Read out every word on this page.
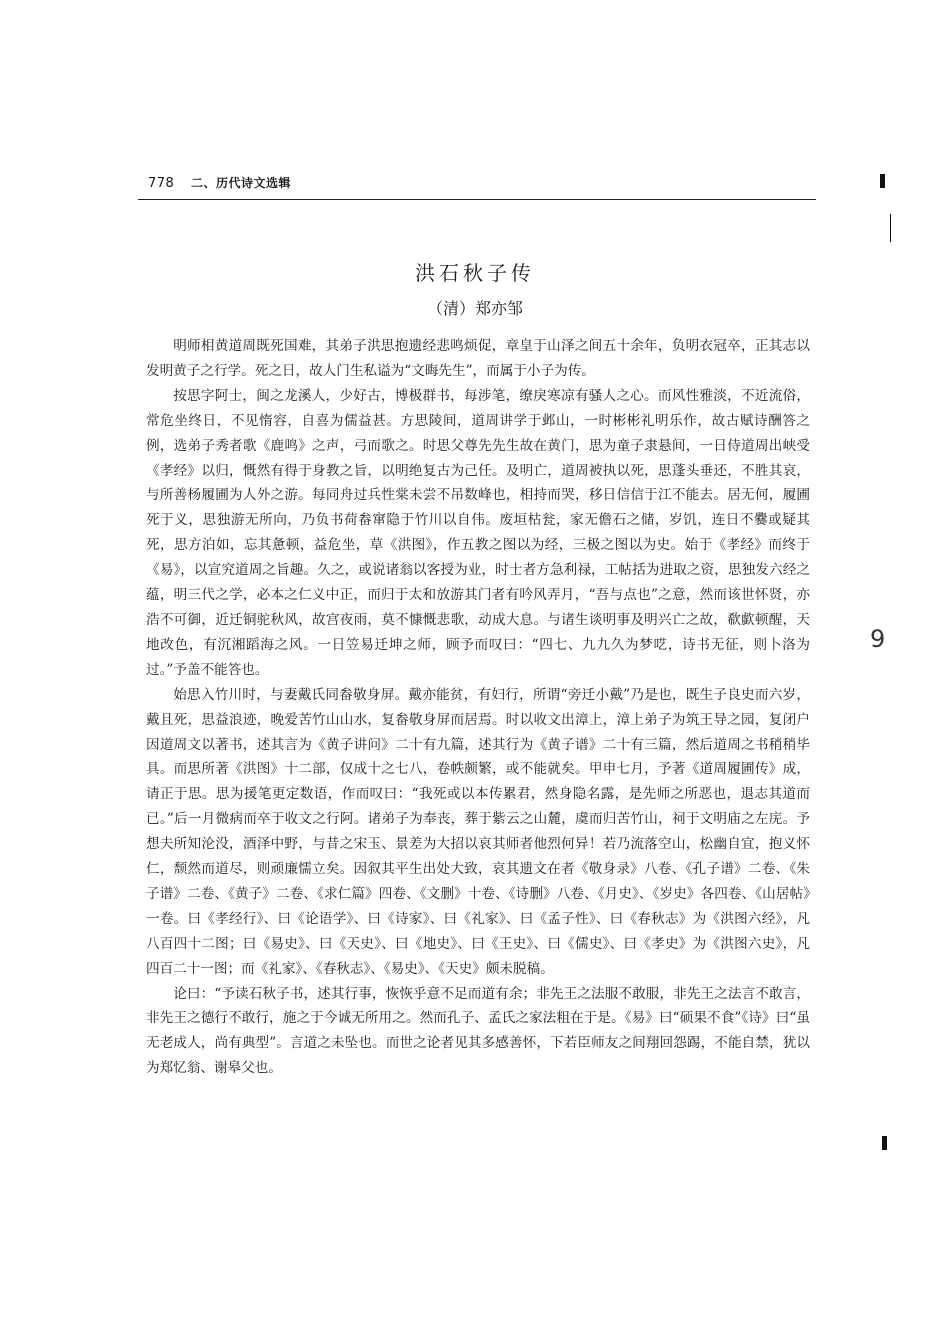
778 二、历代诗文选辑
洪石秋子传
（清）郑亦邹

明师相黄道周既死国难，其弟子洪思抱遗经悲鸣烦促，章皇于山泽之间五十余年，负明衣冠卒，正其志以发明黄子之行学。死之日，故人门生私谥为“文晦先生”，而属于小子为传。

按思字阿士，闽之龙溪人，少好古，博极群书，每涉笔，缭戾寒凉有骚人之心。而风性雅淡，不近流俗，常危坐终日，不见惰容，自喜为儒益甚。方思陵间，道周讲学于邺山，一时彬彬礼明乐作，故古赋诗酬答之例，选弟子秀者歌《鹿鸣》之声，弓而歌之。时思父尊先先生故在黄门，思为童子隶悬间，一日侍道周出峡受《孝经》以归，慨然有得于身教之旨，以明绝复古为己任。及明亡，道周被执以死，思蓬头垂还，不胜其哀，与所善杨履圃为人外之游。每同舟过兵性棠未尝不吊数峰也，相持而哭，移日信信于江不能去。居无何，履圃死于义，思独游无所向，乃负书荷畚窜隐于竹川以自伟。废垣枯瓮，家无儋石之储，岁饥，连日不爨或疑其死，思方泊如，忘其惫顿，益危坐，草《洪图》，作五教之图以为经，三极之图以为史。始于《孝经》而终于《易》，以宣究道周之旨趣。久之，或说诸翁以客授为业，时士者方急利禄，工帖括为进取之资，思独发六经之蕴，明三代之学，必本之仁义中正，而归于太和放游其门者有吟风弄月，“吾与点也”之意，然而该世怀贤，亦浩不可御，近迁铜驼秋风，故宫夜雨，莫不慷慨悲歌，动成大息。与诸生谈明事及明兴亡之故，欷歔顿醒，天地改色，有沉湘蹈海之风。一日笠易迁坤之师，顾予而叹曰：“四七、九九久为梦呓，诗书无征，则卜洛为过。”予盖不能答也。

始思入竹川时，与妻戴氏同畚敬身屏。戴亦能贫，有妇行，所谓“旁迁小戴”乃是也，既生子良史而六岁，戴且死，思益浪迹，晚爱苦竹山山水，复畚敬身屏而居焉。时以收文出漳上，漳上弟子为筑王导之园，复闭户因道周文以著书，述其言为《黄子讲问》二十有九篇，述其行为《黄子谱》二十有三篇，然后道周之书稍稍毕具。而思所著《洪图》十二部，仅成十之七八，卷帙颇繁，或不能就矣。甲申七月，予著《道周履圃传》成，请正于思。思为援笔更定数语，作而叹曰：“我死或以本传累君，然身隐名露，是先师之所恶也，退志其道而已。”后一月微病而卒于收文之行阿。诸弟子为奉丧，葬于紫云之山麓，虞而归苦竹山，祠于文明庙之左庑。予想夫所知沦没，酒泽中野，与昔之宋玉、景差为大招以哀其师者他烈何异！若乃流落空山，松幽自宜，抱义怀仁，颓然而道尽，则顽廉懦立矣。因叙其平生出处大致，哀其遗文在者《敬身录》八卷、《孔子谱》二卷、《朱子谱》二卷、《黄子》二卷、《求仁篇》四卷、《文删》十卷、《诗删》八卷、《月史》、《岁史》各四卷、《山居帖》一卷。曰《孝经行》、曰《论语学》、曰《诗家》、曰《礼家》、曰《孟子性》、曰《春秋志》为《洪图六经》，凡八百四十二图；曰《易史》、曰《天史》、曰《地史》、曰《王史》、曰《儒史》、曰《孝史》为《洪图六史》，凡四百二十一图；而《礼家》、《春秋志》、《易史》、《天史》颇未脱稿。

论曰：“予读石秋子书，述其行事，恢恢乎意不足而道有余；非先王之法服不敢服，非先王之法言不敢言，非先王之德行不敢行，施之于今诚无所用之。然而孔子、孟氏之家法粗在于是。《易》曰“硕果不食”《诗》曰“虽无老成人，尚有典型”。言道之未坠也。而世之论者见其多感善怀，下若臣师友之间翔回怨踢，不能自禁，犹以为郑忆翁、谢皋父也。

9
